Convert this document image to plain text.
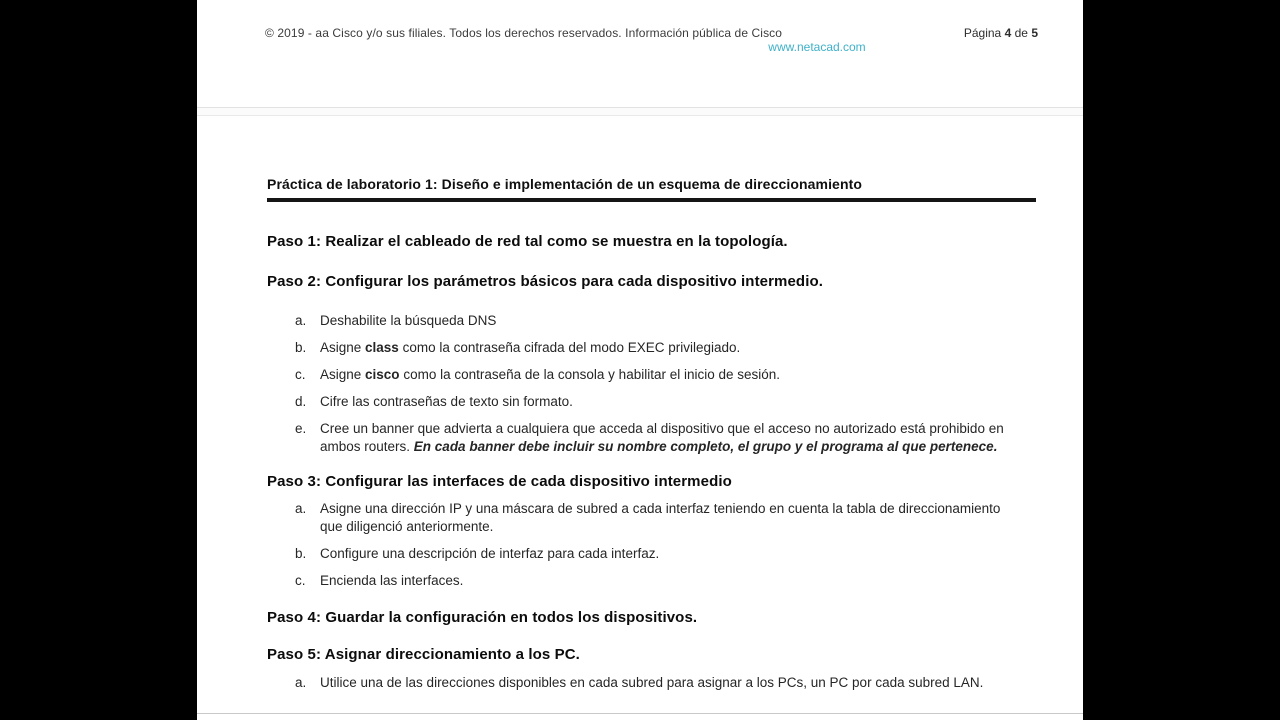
© 2019 - aa Cisco y/o sus filiales. Todos los derechos reservados. Información pública de Cisco	Página 4 de 5
www.netacad.com
Práctica de laboratorio 1: Diseño e implementación de un esquema de direccionamiento
Paso 1: Realizar el cableado de red tal como se muestra en la topología.
Paso 2: Configurar los parámetros básicos para cada dispositivo intermedio.
a.	Deshabilite la búsqueda DNS
b.	Asigne class como la contraseña cifrada del modo EXEC privilegiado.
c.	Asigne cisco como la contraseña de la consola y habilitar el inicio de sesión.
d.	Cifre las contraseñas de texto sin formato.
e.	Cree un banner que advierta a cualquiera que acceda al dispositivo que el acceso no autorizado está prohibido en ambos routers. En cada banner debe incluir su nombre completo, el grupo y el programa al que pertenece.
Paso 3: Configurar las interfaces de cada dispositivo intermedio
a.	Asigne una dirección IP y una máscara de subred a cada interfaz teniendo en cuenta la tabla de direccionamiento que diligenció anteriormente.
b.	Configure una descripción de interfaz para cada interfaz.
c.	Encienda las interfaces.
Paso 4: Guardar la configuración en todos los dispositivos.
Paso 5: Asignar direccionamiento a los PC.
a.	Utilice una de las direcciones disponibles en cada subred para asignar a los PCs, un PC por cada subred LAN.
